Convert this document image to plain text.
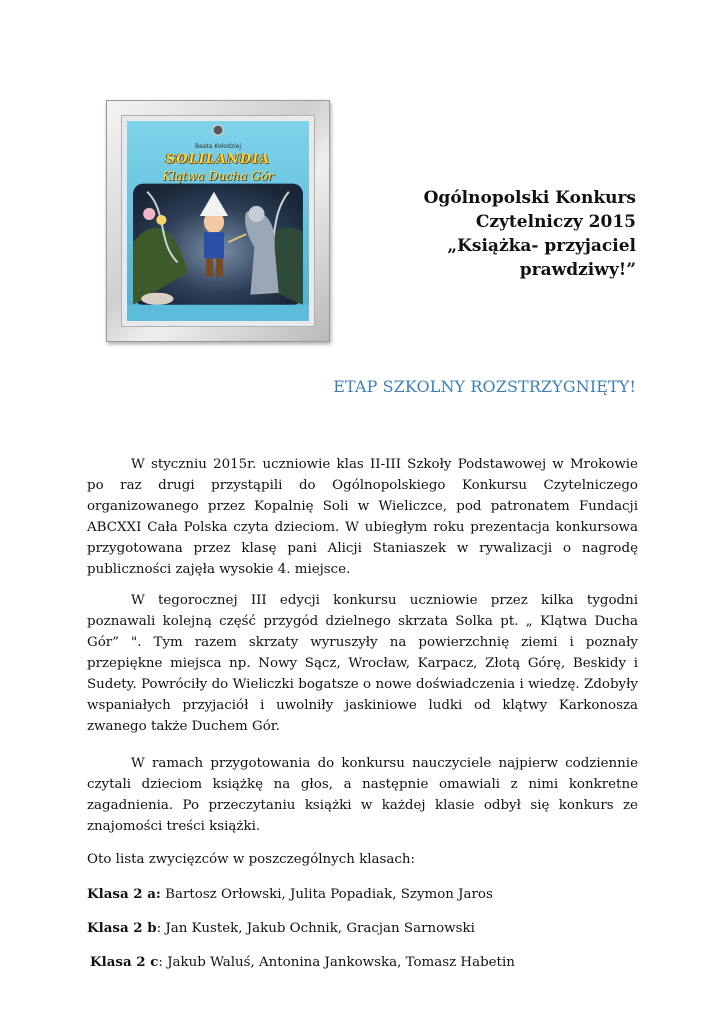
Beata Kołodziej
SOLILANDIA
Klątwa Ducha Gór
Ogólnopolski Konkurs
Czytelniczy 2015
„Książka- przyjaciel
prawdziwy!”
ETAP SZKOLNY ROZSTRZYGNIĘTY!

W styczniu 2015r. uczniowie klas II-III Szkoły Podstawowej w Mrokowie po raz drugi przystąpili do Ogólnopolskiego Konkursu Czytelniczego organizowanego przez Kopalnię Soli w Wieliczce, pod patronatem Fundacji ABCXXI Cała Polska czyta dzieciom. W ubiegłym roku prezentacja konkursowa przygotowana przez klasę pani Alicji Staniaszek w rywalizacji o nagrodę publiczności zajęła wysokie 4. miejsce.

W tegorocznej III edycji konkursu uczniowie przez kilka tygodni poznawali kolejną część przygód dzielnego skrzata Solka pt. „ Klątwa Ducha Gór” ". Tym razem skrzaty wyruszyły na powierzchnię ziemi i poznały przepiękne miejsca np. Nowy Sącz, Wrocław, Karpacz, Złotą Górę, Beskidy i Sudety. Powróciły do Wieliczki bogatsze o nowe doświadczenia i wiedzę. Zdobyły wspaniałych przyjaciół i uwolniły jaskiniowe ludki od klątwy Karkonosza zwanego także Duchem Gór.

W ramach przygotowania do konkursu nauczyciele najpierw codziennie czytali dzieciom książkę na głos, a następnie omawiali z nimi konkretne zagadnienia. Po przeczytaniu książki w każdej klasie odbył się konkurs ze znajomości treści książki.

Oto lista zwycięzców w poszczególnych klasach:

Klasa 2 a: Bartosz Orłowski, Julita Popadiak, Szymon Jaros

Klasa 2 b: Jan Kustek, Jakub Ochnik, Gracjan Sarnowski

Klasa 2 c: Jakub Waluś, Antonina Jankowska, Tomasz Habetin
